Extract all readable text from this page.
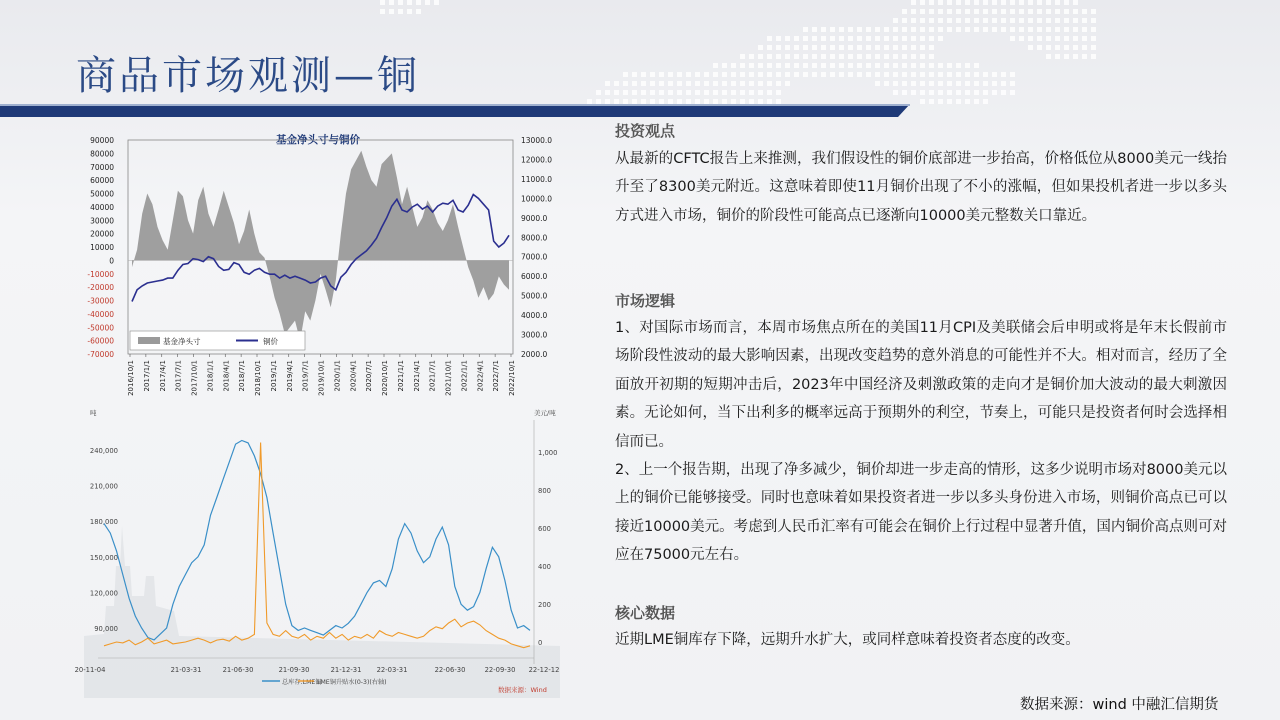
商品市场观测—铜
基金净头寸与铜价
90000
80000
70000
60000
50000
40000
30000
20000
10000
0
-10000
-20000
-30000
-40000
-50000
-60000
-70000
13000.0
12000.0
11000.0
10000.0
9000.0
8000.0
7000.0
6000.0
5000.0
4000.0
3000.0
2000.0
基金净头寸	铜价
2016/10/1 2017/1/1 2017/4/1 2017/7/1 2017/10/1 2018/1/1 2018/4/1 2018/7/1 2018/10/1 2019/1/1 2019/4/1 2019/7/1 2019/10/1 2020/1/1 2020/4/1 2020/7/1 2020/10/1 2021/1/1 2021/4/1 2021/7/1 2021/10/1 2022/1/1 2022/4/1 2022/7/1 2022/10/1
吨	美元/吨
240,000
210,000
180,000
150,000
120,000
90,000
1,000
800
600
400
200
0
20-11-04	21-03-31	21-06-30	21-09-30	21-12-31 22-03-31	22-06-30	22-09-30 22-12-12
总库存:LME铜
LME铜升贴水(0-3)(右轴)
数据来源：Wind
投资观点
从最新的CFTC报告上来推测，我们假设性的铜价底部进一步抬高，价格低位从8000美元一线抬升至了8300美元附近。这意味着即使11月铜价出现了不小的涨幅，但如果投机者进一步以多头方式进入市场，铜价的阶段性可能高点已逐渐向10000美元整数关口靠近。
市场逻辑
1、对国际市场而言，本周市场焦点所在的美国11月CPI及美联储会后申明或将是年末长假前市场阶段性波动的最大影响因素，出现改变趋势的意外消息的可能性并不大。相对而言，经历了全面放开初期的短期冲击后，2023年中国经济及刺激政策的走向才是铜价加大波动的最大刺激因素。无论如何，当下出利多的概率远高于预期外的利空，节奏上，可能只是投资者何时会选择相信而已。
2、上一个报告期，出现了净多减少，铜价却进一步走高的情形，这多少说明市场对8000美元以上的铜价已能够接受。同时也意味着如果投资者进一步以多头身份进入市场，则铜价高点已可以接近10000美元。考虑到人民币汇率有可能会在铜价上行过程中显著升值，国内铜价高点则可对应在75000元左右。
核心数据
近期LME铜库存下降，远期升水扩大，或同样意味着投资者态度的改变。
数据来源：wind 中融汇信期货
